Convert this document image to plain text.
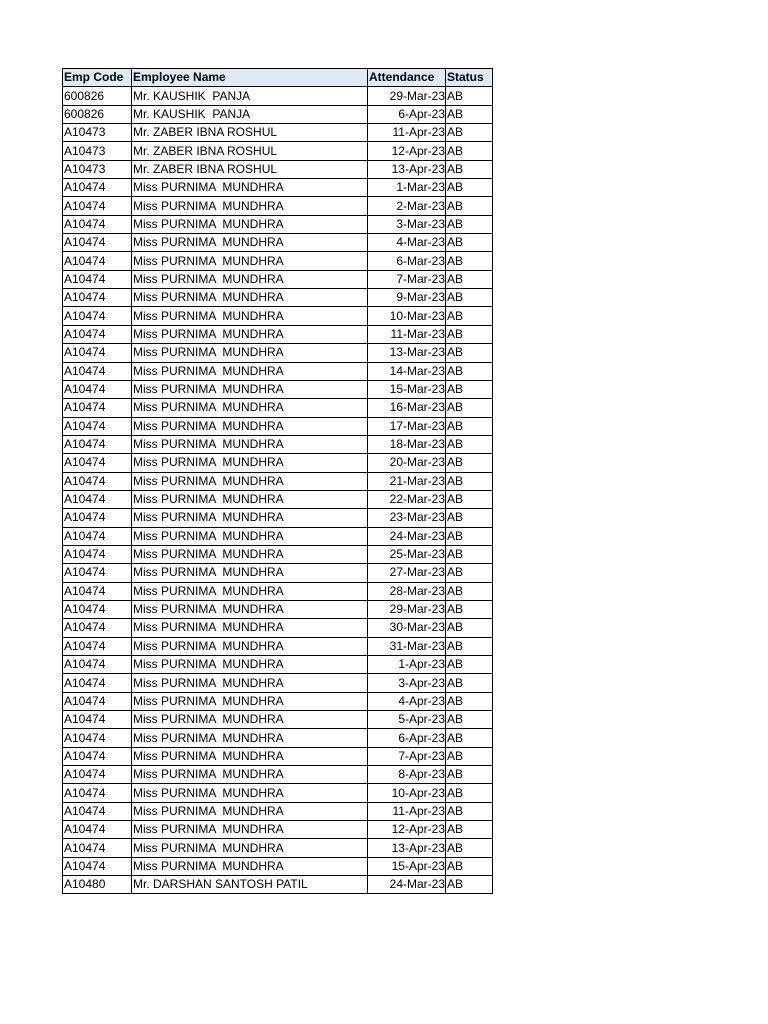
Emp Code	Employee Name	Attendance	Status
600826	Mr. KAUSHIK  PANJA	29-Mar-23	AB
600826	Mr. KAUSHIK  PANJA	6-Apr-23	AB
A10473	Mr. ZABER IBNA ROSHUL	11-Apr-23	AB
A10473	Mr. ZABER IBNA ROSHUL	12-Apr-23	AB
A10473	Mr. ZABER IBNA ROSHUL	13-Apr-23	AB
A10474	Miss PURNIMA  MUNDHRA	1-Mar-23	AB
A10474	Miss PURNIMA  MUNDHRA	2-Mar-23	AB
A10474	Miss PURNIMA  MUNDHRA	3-Mar-23	AB
A10474	Miss PURNIMA  MUNDHRA	4-Mar-23	AB
A10474	Miss PURNIMA  MUNDHRA	6-Mar-23	AB
A10474	Miss PURNIMA  MUNDHRA	7-Mar-23	AB
A10474	Miss PURNIMA  MUNDHRA	9-Mar-23	AB
A10474	Miss PURNIMA  MUNDHRA	10-Mar-23	AB
A10474	Miss PURNIMA  MUNDHRA	11-Mar-23	AB
A10474	Miss PURNIMA  MUNDHRA	13-Mar-23	AB
A10474	Miss PURNIMA  MUNDHRA	14-Mar-23	AB
A10474	Miss PURNIMA  MUNDHRA	15-Mar-23	AB
A10474	Miss PURNIMA  MUNDHRA	16-Mar-23	AB
A10474	Miss PURNIMA  MUNDHRA	17-Mar-23	AB
A10474	Miss PURNIMA  MUNDHRA	18-Mar-23	AB
A10474	Miss PURNIMA  MUNDHRA	20-Mar-23	AB
A10474	Miss PURNIMA  MUNDHRA	21-Mar-23	AB
A10474	Miss PURNIMA  MUNDHRA	22-Mar-23	AB
A10474	Miss PURNIMA  MUNDHRA	23-Mar-23	AB
A10474	Miss PURNIMA  MUNDHRA	24-Mar-23	AB
A10474	Miss PURNIMA  MUNDHRA	25-Mar-23	AB
A10474	Miss PURNIMA  MUNDHRA	27-Mar-23	AB
A10474	Miss PURNIMA  MUNDHRA	28-Mar-23	AB
A10474	Miss PURNIMA  MUNDHRA	29-Mar-23	AB
A10474	Miss PURNIMA  MUNDHRA	30-Mar-23	AB
A10474	Miss PURNIMA  MUNDHRA	31-Mar-23	AB
A10474	Miss PURNIMA  MUNDHRA	1-Apr-23	AB
A10474	Miss PURNIMA  MUNDHRA	3-Apr-23	AB
A10474	Miss PURNIMA  MUNDHRA	4-Apr-23	AB
A10474	Miss PURNIMA  MUNDHRA	5-Apr-23	AB
A10474	Miss PURNIMA  MUNDHRA	6-Apr-23	AB
A10474	Miss PURNIMA  MUNDHRA	7-Apr-23	AB
A10474	Miss PURNIMA  MUNDHRA	8-Apr-23	AB
A10474	Miss PURNIMA  MUNDHRA	10-Apr-23	AB
A10474	Miss PURNIMA  MUNDHRA	11-Apr-23	AB
A10474	Miss PURNIMA  MUNDHRA	12-Apr-23	AB
A10474	Miss PURNIMA  MUNDHRA	13-Apr-23	AB
A10474	Miss PURNIMA  MUNDHRA	15-Apr-23	AB
A10480	Mr. DARSHAN SANTOSH PATIL	24-Mar-23	AB
